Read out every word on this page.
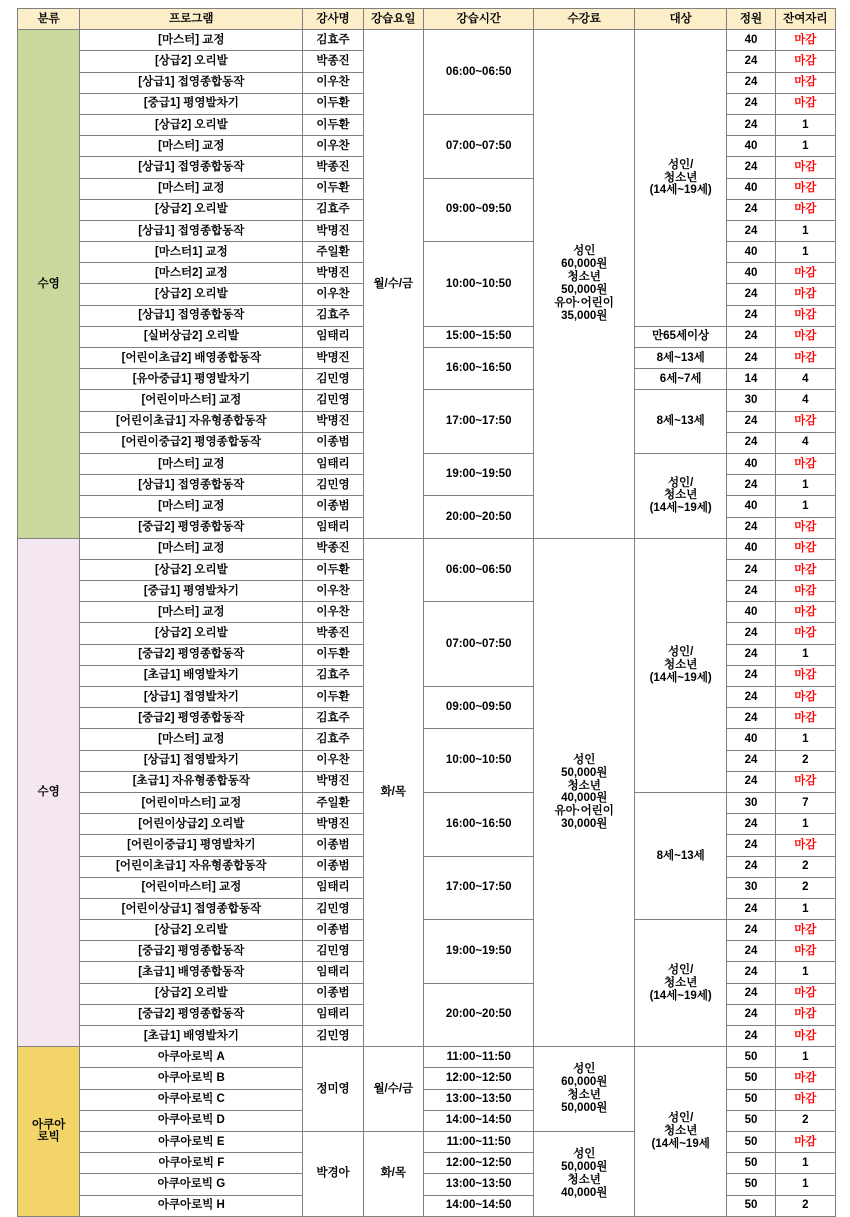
분류	프로그램	강사명	강습요일	강습시간	수강료	대상	정원	잔여자리
수영	[마스터] 교정	김효주	월/수/금	06:00~06:50	성인
60,000원
청소년
50,000원
유아·어린이
35,000원	성인/
청소년
(14세~19세)	40	마감
	[상급2] 오리발	박종진					24	마감
	[상급1] 접영종합동작	이우찬					24	마감
	[중급1] 평영발차기	이두환					24	마감
	[상급2] 오리발	이두환		07:00~07:50			24	1
	[마스터] 교정	이우찬					40	1
	[상급1] 접영종합동작	박종진					24	마감
	[마스터] 교정	이두환		09:00~09:50			40	마감
	[상급2] 오리발	김효주					24	마감
	[상급1] 접영종합동작	박명진					24	1
	[마스터1] 교정	주일환		10:00~10:50			40	1
	[마스터2] 교정	박명진					40	마감
	[상급2] 오리발	이우찬					24	마감
	[상급1] 접영종합동작	김효주					24	마감
	[실버상급2] 오리발	임태리		15:00~15:50		만65세이상	24	마감
	[어린이초급2] 배영종합동작	박명진		16:00~16:50		8세~13세	24	마감
	[유아중급1] 평영발차기	김민영				6세~7세	14	4
	[어린이마스터] 교정	김민영		17:00~17:50		8세~13세	30	4
	[어린이초급1] 자유형종합동작	박명진					24	마감
	[어린이중급2] 평영종합동작	이종범					24	4
	[마스터] 교정	임태리		19:00~19:50		성인/
청소년
(14세~19세)	40	마감
	[상급1] 접영종합동작	김민영					24	1
	[마스터] 교정	이종범		20:00~20:50			40	1
	[중급2] 평영종합동작	임태리					24	마감
수영	[마스터] 교정	박종진	화/목	06:00~06:50	성인
50,000원
청소년
40,000원
유아·어린이
30,000원	성인/
청소년
(14세~19세)	40	마감
	[상급2] 오리발	이두환					24	마감
	[중급1] 평영발차기	이우찬					24	마감
	[마스터] 교정	이우찬		07:00~07:50			40	마감
	[상급2] 오리발	박종진					24	마감
	[중급2] 평영종합동작	이두환					24	1
	[초급1] 배영발차기	김효주					24	마감
	[상급1] 접영발차기	이두환		09:00~09:50			24	마감
	[중급2] 평영종합동작	김효주					24	마감
	[마스터] 교정	김효주		10:00~10:50			40	1
	[상급1] 접영발차기	이우찬					24	2
	[초급1] 자유형종합동작	박명진					24	마감
	[어린이마스터] 교정	주일환		16:00~16:50		8세~13세	30	7
	[어린이상급2] 오리발	박명진					24	1
	[어린이중급1] 평영발차기	이종범					24	마감
	[어린이초급1] 자유형종합동작	이종범		17:00~17:50			24	2
	[어린이마스터] 교정	임태리					30	2
	[어린이상급1] 접영종합동작	김민영					24	1
	[상급2] 오리발	이종범		19:00~19:50		성인/
청소년
(14세~19세)	24	마감
	[중급2] 평영종합동작	김민영					24	마감
	[초급1] 배영종합동작	임태리					24	1
	[상급2] 오리발	이종범		20:00~20:50			24	마감
	[중급2] 평영종합동작	임태리					24	마감
	[초급1] 배영발차기	김민영					24	마감
아쿠아
로빅	아쿠아로빅 A	정미영	월/수/금	11:00~11:50	성인
60,000원
청소년
50,000원	성인/
청소년
(14세~19세	50	1
	아쿠아로빅 B			12:00~12:50			50	마감
	아쿠아로빅 C			13:00~13:50			50	마감
	아쿠아로빅 D			14:00~14:50			50	2
	아쿠아로빅 E	박경아	화/목	11:00~11:50	성인
50,000원
청소년
40,000원		50	마감
	아쿠아로빅 F			12:00~12:50			50	1
	아쿠아로빅 G			13:00~13:50			50	1
	아쿠아로빅 H			14:00~14:50			50	2
